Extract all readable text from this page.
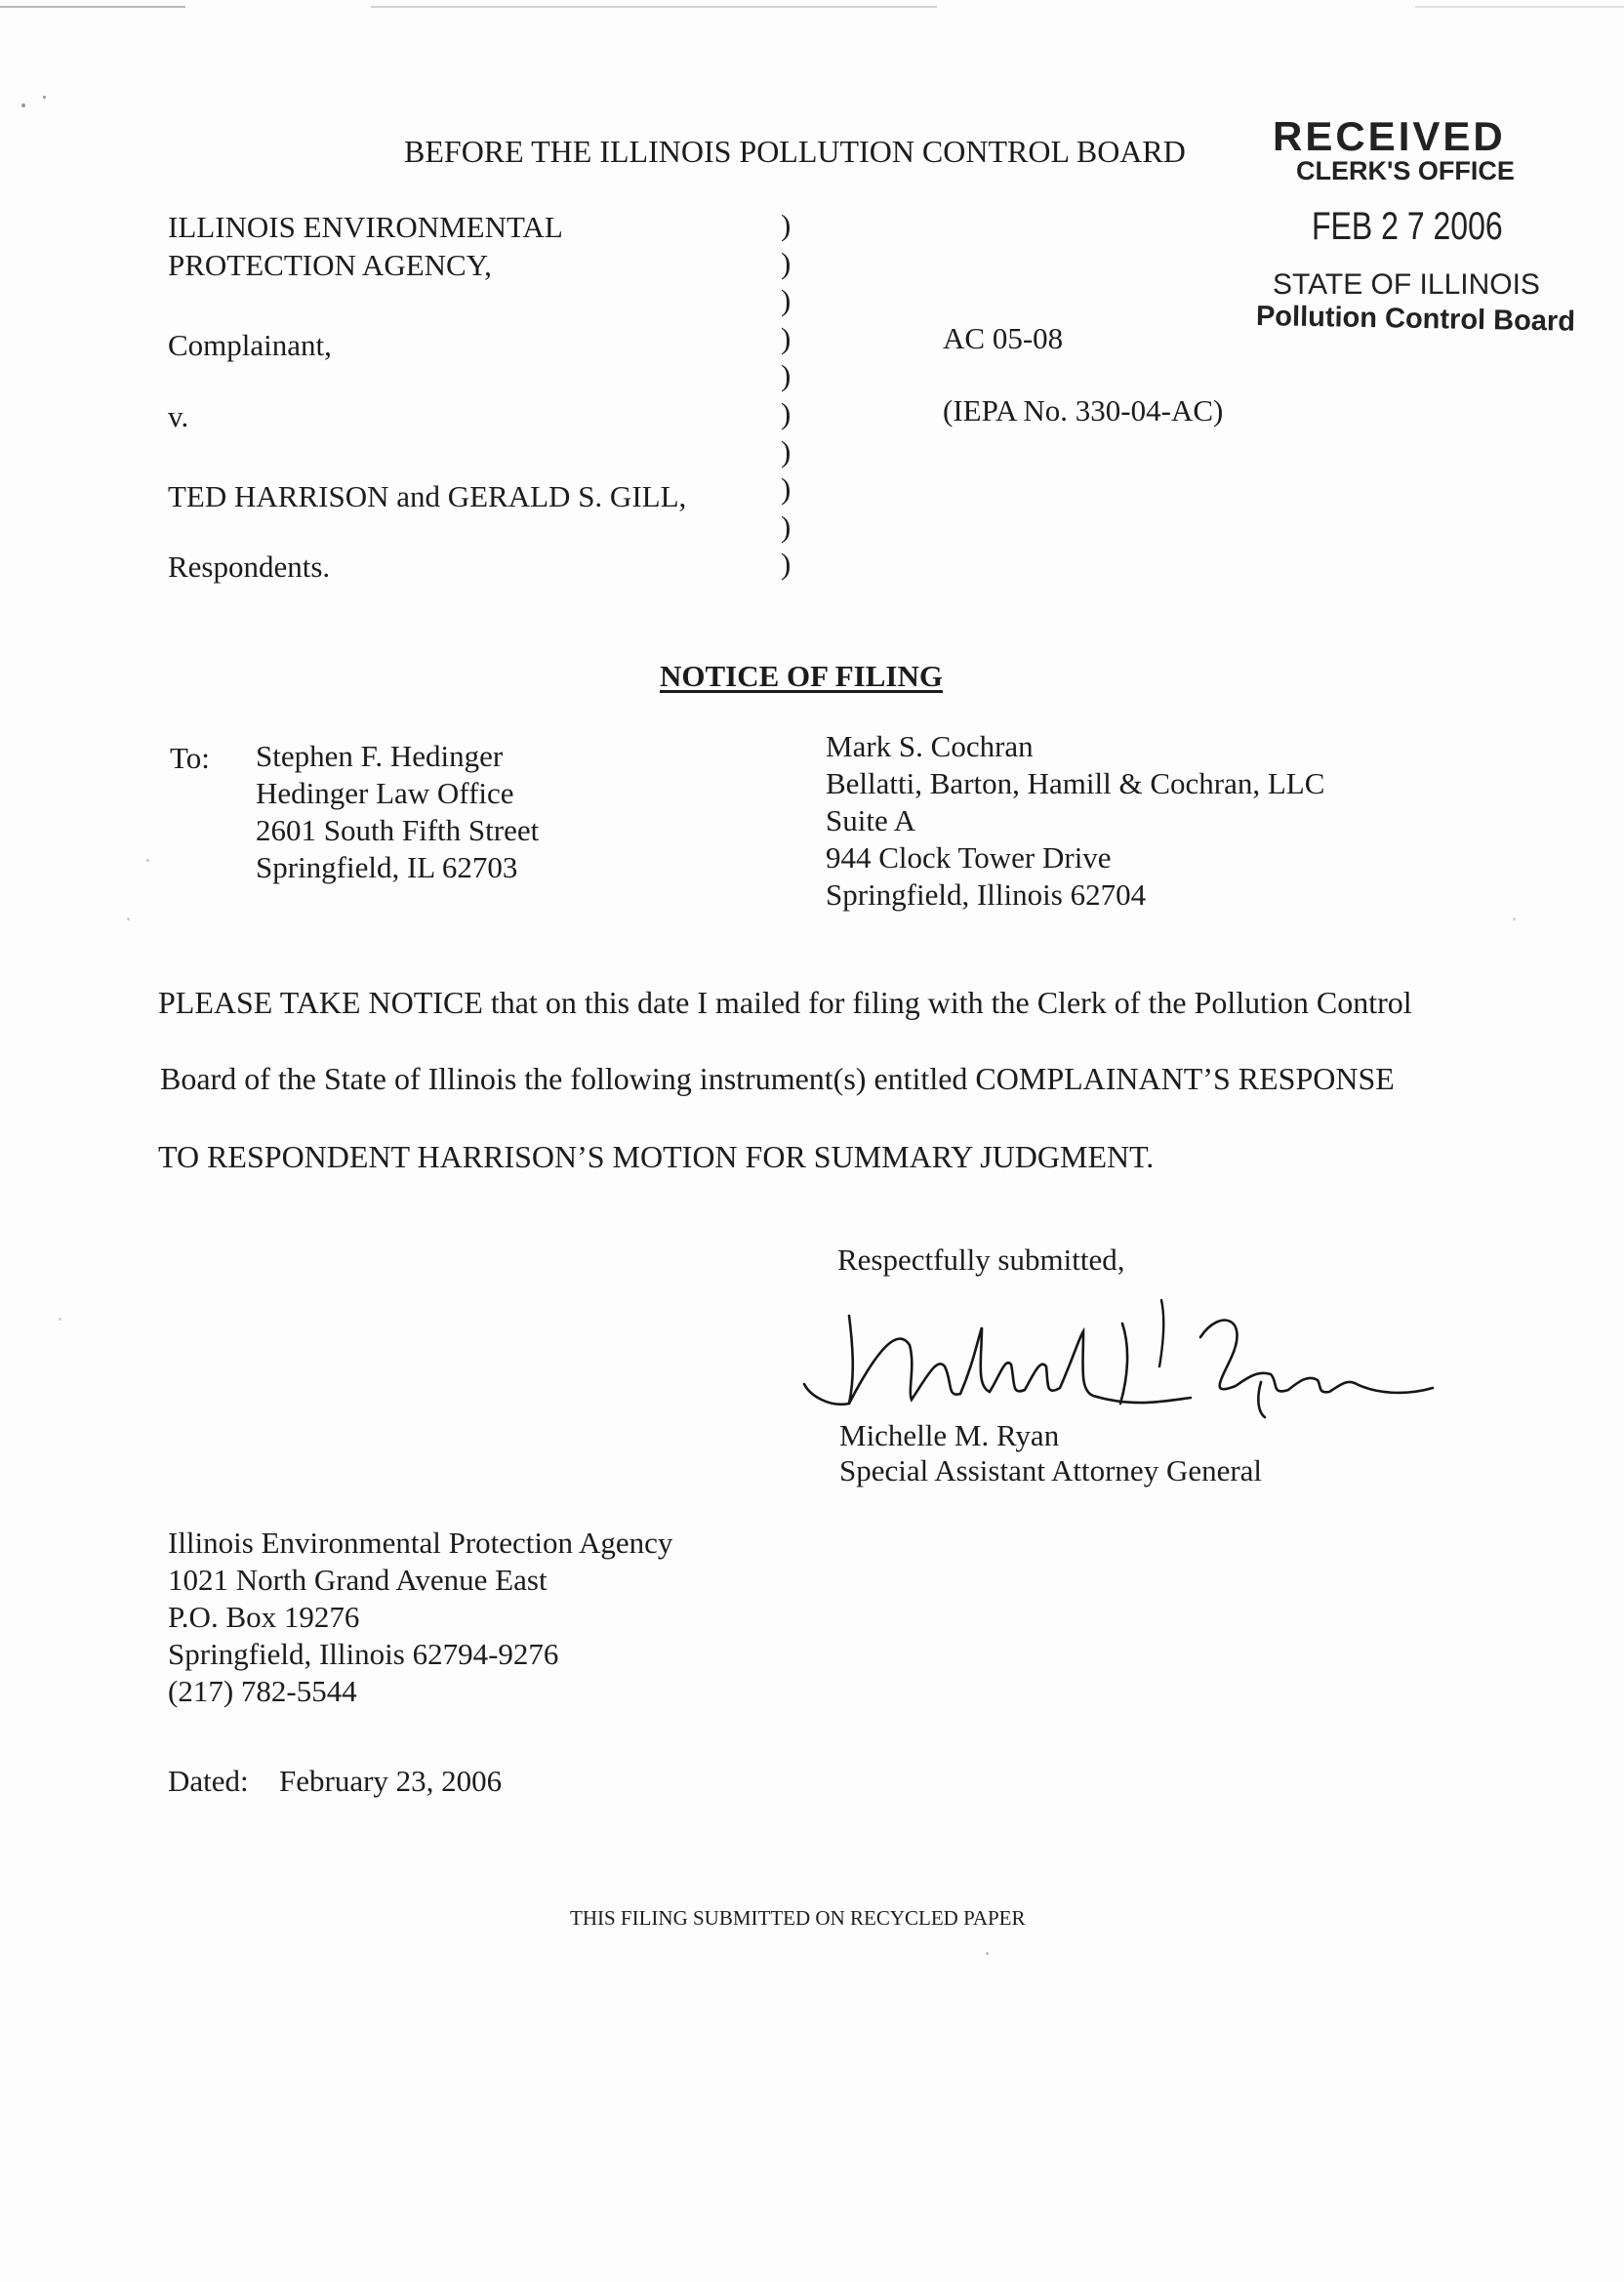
RECEIVED
CLERK'S OFFICE
FEB 2 7 2006
STATE OF ILLINOIS
Pollution Control Board
BEFORE THE ILLINOIS POLLUTION CONTROL BOARD
ILLINOIS ENVIRONMENTAL
PROTECTION AGENCY,
Complainant,
v.
TED HARRISON and GERALD S. GILL,
Respondents.
)
)
)
)
)
)
)
)
)
)
AC 05-08
(IEPA No. 330-04-AC)
NOTICE OF FILING
To: Stephen F. Hedinger
Hedinger Law Office
2601 South Fifth Street
Springfield, IL 62703
Mark S. Cochran
Bellatti, Barton, Hamill & Cochran, LLC
Suite A
944 Clock Tower Drive
Springfield, Illinois 62704
PLEASE TAKE NOTICE that on this date I mailed for filing with the Clerk of the Pollution Control
Board of the State of Illinois the following instrument(s) entitled COMPLAINANT’S RESPONSE
TO RESPONDENT HARRISON’S MOTION FOR SUMMARY JUDGMENT.
Respectfully submitted,
Michelle M. Ryan
Special Assistant Attorney General
Illinois Environmental Protection Agency
1021 North Grand Avenue East
P.O. Box 19276
Springfield, Illinois 62794-9276
(217) 782-5544
Dated: February 23, 2006
THIS FILING SUBMITTED ON RECYCLED PAPER
